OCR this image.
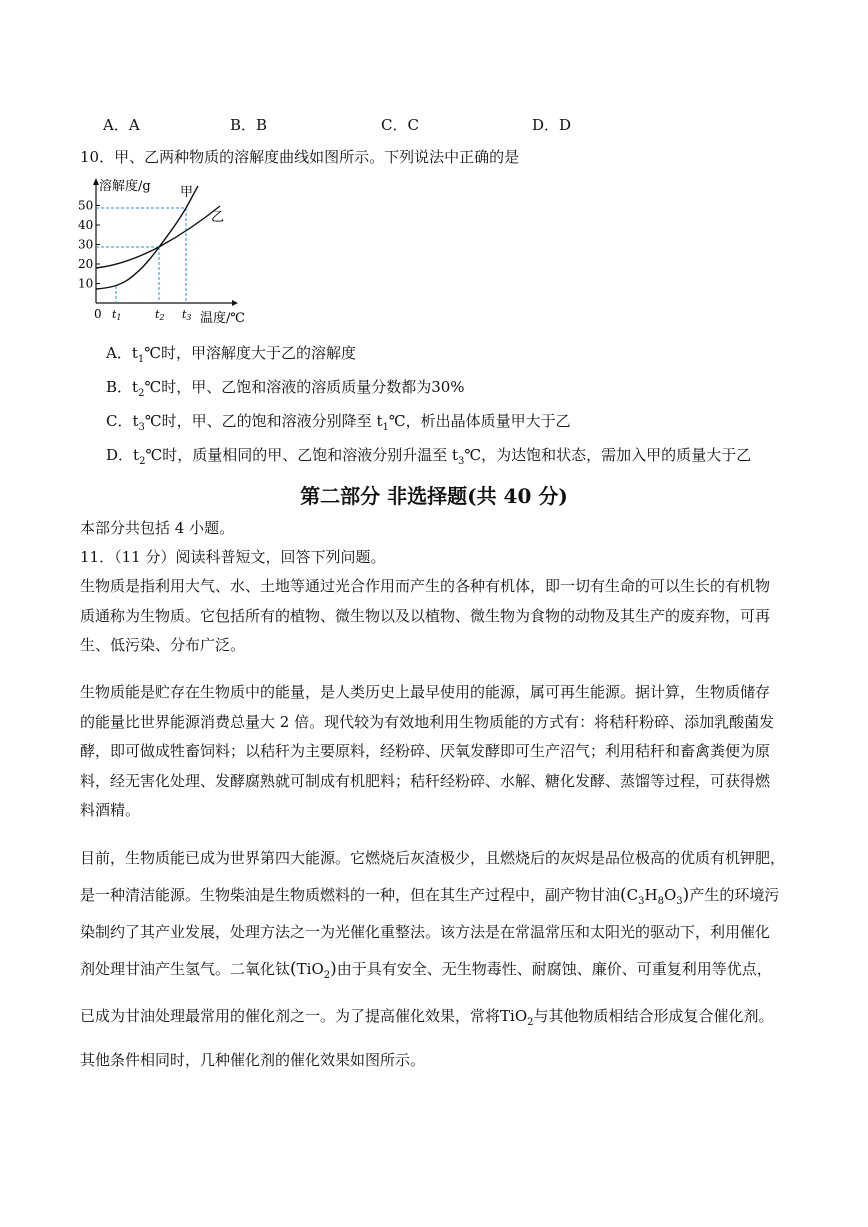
A．A	B．B	C．C	D．D
10．甲、乙两种物质的溶解度曲线如图所示。下列说法中正确的是
10
20
30
40
50
溶解度/g 甲
乙
0 t1	t2 t3 温度/℃
A．$t_1℃$时，甲溶解度大于乙的溶解度
B．$t_2℃$时，甲、乙饱和溶液的溶质质量分数都为30%
C．$t_3℃$时，甲、乙的饱和溶液分别降至 $t_1℃$，析出晶体质量甲大于乙
D．$t_2℃$时，质量相同的甲、乙饱和溶液分别升温至 $t_3℃$，为达饱和状态，需加入甲的质量大于乙
第二部分 非选择题(共 40 分)
本部分共包括 4 小题。
11．（11 分）阅读科普短文，回答下列问题。
生物质是指利用大气、水、土地等通过光合作用而产生的各种有机体，即一切有生命的可以生长的有机物
质通称为生物质。它包括所有的植物、微生物以及以植物、微生物为食物的动物及其生产的废弃物，可再
生、低污染、分布广泛。
生物质能是贮存在生物质中的能量，是人类历史上最早使用的能源，属可再生能源。据计算，生物质储存
的能量比世界能源消费总量大 2 倍。现代较为有效地利用生物质能的方式有：将秸秆粉碎、添加乳酸菌发
酵，即可做成牲畜饲料；以秸秆为主要原料，经粉碎、厌氧发酵即可生产沼气；利用秸秆和畜禽粪便为原
料，经无害化处理、发酵腐熟就可制成有机肥料；秸秆经粉碎、水解、糖化发酵、蒸馏等过程，可获得燃
料酒精。
目前，生物质能已成为世界第四大能源。它燃烧后灰渣极少，且燃烧后的灰烬是品位极高的优质有机钾肥，
是一种清洁能源。生物柴油是生物质燃料的一种，但在其生产过程中，副产物甘油$(C_3H_8O_3)$产生的环境污
染制约了其产业发展，处理方法之一为光催化重整法。该方法是在常温常压和太阳光的驱动下，利用催化
剂处理甘油产生氢气。二氧化钛(TiO$_2$)由于具有安全、无生物毒性、耐腐蚀、廉价、可重复利用等优点，
已成为甘油处理最常用的催化剂之一。为了提高催化效果，常将TiO$_2$与其他物质相结合形成复合催化剂。
其他条件相同时，几种催化剂的催化效果如图所示。
